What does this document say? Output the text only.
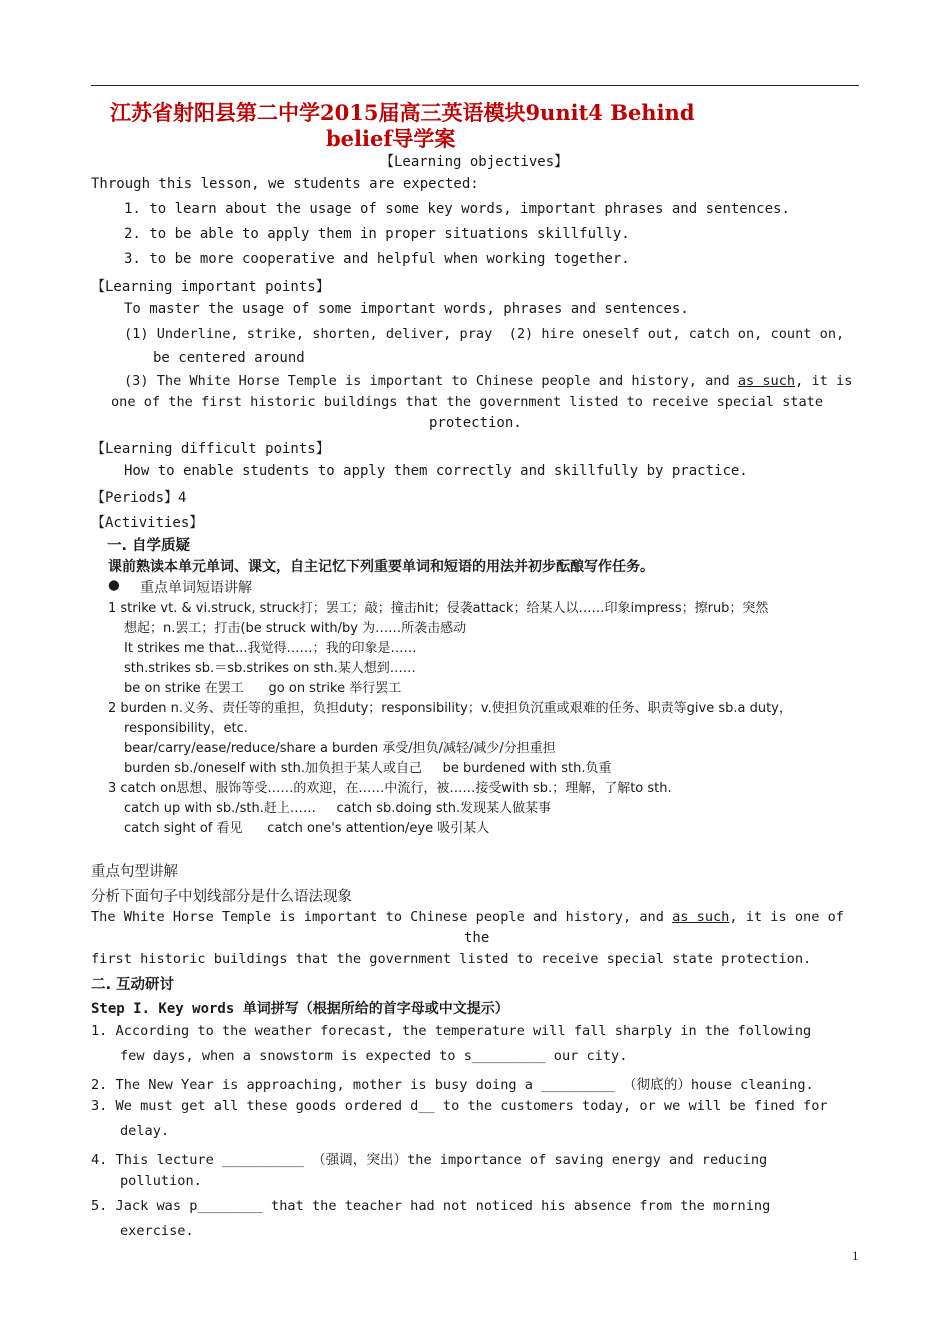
江苏省射阳县第二中学2015届高三英语模块9unit4 Behind
belief导学案
【Learning objectives】
Through this lesson, we students are expected:
1. to learn about the usage of some key words, important phrases and sentences.
2. to be able to apply them in proper situations skillfully.
3. to be more cooperative and helpful when working together.
【Learning important points】
To master the usage of some important words, phrases and sentences.
(1) Underline, strike, shorten, deliver, pray  (2) hire oneself out, catch on, count on,
be centered around
(3) The White Horse Temple is important to Chinese people and history, and as such, it is
one of the first historic buildings that the government listed to receive special state
protection.
【Learning difficult points】
How to enable students to apply them correctly and skillfully by practice.
【Periods】4
【Activities】
一. 自学质疑
课前熟读本单元单词、课文，自主记忆下列重要单词和短语的用法并初步酝酿写作任务。
● 重点单词短语讲解
1 strike vt. & vi.struck, struck打；罢工；敲；撞击hit；侵袭attack；给某人以……印象impress；擦rub；突然
想起；n.罢工；打击(be struck with/by 为……所袭击感动
It strikes me that...我觉得……；我的印象是……
sth.strikes sb.＝sb.strikes on sth.某人想到……
be on strike 在罢工      go on strike 举行罢工
2 burden n.义务、责任等的重担，负担duty；responsibility；v.使担负沉重或艰难的任务、职责等give sb.a duty，
responsibility，etc.
bear/carry/ease/reduce/share a burden 承受/担负/减轻/减少/分担重担
burden sb./oneself with sth.加负担于某人或自己     be burdened with sth.负重
3 catch on思想、服饰等受……的欢迎，在……中流行，被……接受with sb.；理解，了解to sth.
catch up with sb./sth.赶上……     catch sb.doing sth.发现某人做某事
catch sight of 看见      catch one's attention/eye 吸引某人
重点句型讲解
分析下面句子中划线部分是什么语法现象
The White Horse Temple is important to Chinese people and history, and as such, it is one of
the
first historic buildings that the government listed to receive special state protection.
二. 互动研讨
Step I. Key words 单词拼写（根据所给的首字母或中文提示）
1. According to the weather forecast, the temperature will fall sharply in the following
few days, when a snowstorm is expected to s_________ our city.
2. The New Year is approaching, mother is busy doing a _________ （彻底的）house cleaning.
3. We must get all these goods ordered d__ to the customers today, or we will be fined for
delay.
4. This lecture __________ （强调，突出）the importance of saving energy and reducing
pollution.
5. Jack was p________ that the teacher had not noticed his absence from the morning
exercise.
1
